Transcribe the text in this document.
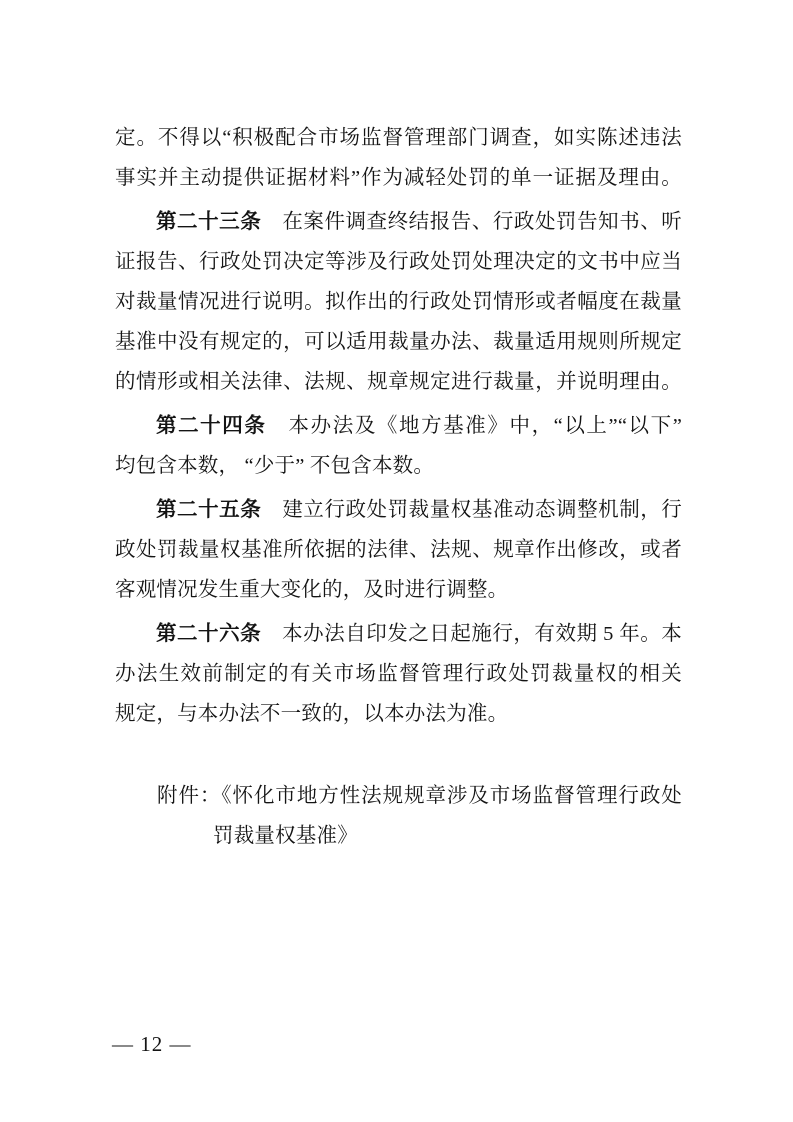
定。不得以“积极配合市场监督管理部门调查，如实陈述违法
事实并主动提供证据材料”作为减轻处罚的单一证据及理由。
第二十三条　在案件调查终结报告、行政处罚告知书、听
证报告、行政处罚决定等涉及行政处罚处理决定的文书中应当
对裁量情况进行说明。拟作出的行政处罚情形或者幅度在裁量
基准中没有规定的，可以适用裁量办法、裁量适用规则所规定
的情形或相关法律、法规、规章规定进行裁量，并说明理由。
第二十四条　本办法及《地方基准》中，“以上”“以下”
均包含本数， “少于” 不包含本数。
第二十五条　建立行政处罚裁量权基准动态调整机制，行
政处罚裁量权基准所依据的法律、法规、规章作出修改，或者
客观情况发生重大变化的，及时进行调整。
第二十六条　本办法自印发之日起施行，有效期 5 年。本
办法生效前制定的有关市场监督管理行政处罚裁量权的相关
规定，与本办法不一致的，以本办法为准。
附件：《怀化市地方性法规规章涉及市场监督管理行政处
罚裁量权基准》
— 12 —
